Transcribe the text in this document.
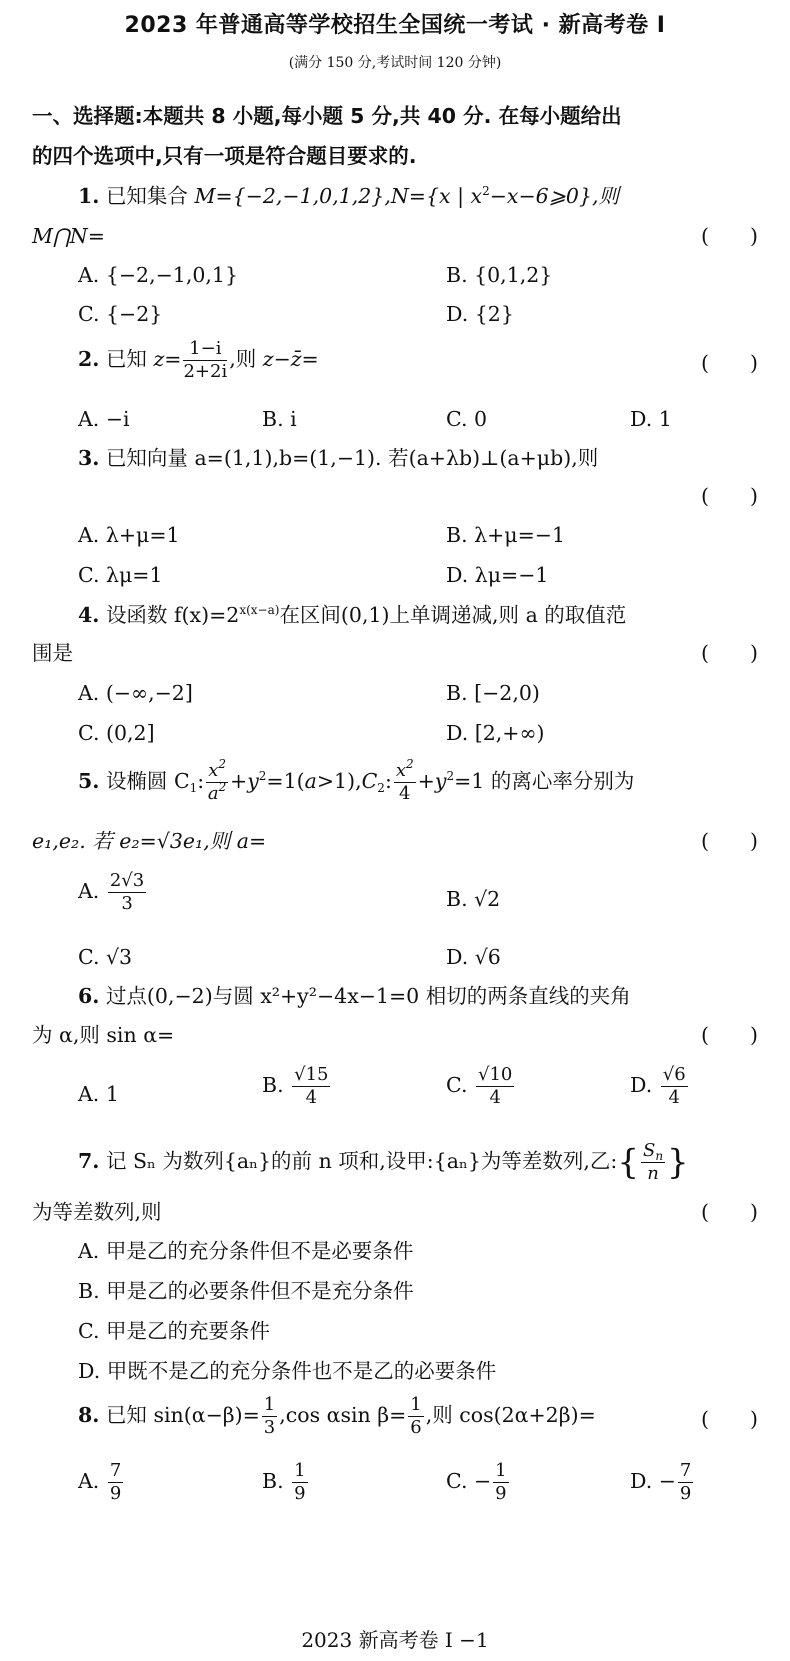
2023 年普通高等学校招生全国统一考试 · 新高考卷 Ⅰ
(满分 150 分,考试时间 120 分钟)
一、选择题:本题共 8 小题,每小题 5 分,共 40 分. 在每小题给出
的四个选项中,只有一项是符合题目要求的.
1. 已知集合 M={−2,−1,0,1,2},N={x | $x^2-x-6⩾0$},则
M⋂N=	(　　)
A. {−2,−1,0,1}	B. {0,1,2}
C. {−2}	D. {2}
2. 已知 $z= \frac{1-i}{2+2i}$ ,则 z−z̄=	(　　)
A. −i	B. i	C. 0	D. 1
3. 已知向量 a=(1,1),b=(1,−1). 若(a+λb)⊥(a+μb),则
(　　)
A. λ+μ=1	B. λ+μ=−1
C. λμ=1	D. λμ=−1
4. 设函数 $f(x)=2^{x(x-a)}$在区间(0,1)上单调递减,则 a 的取值范
围是	(　　)
A. (−∞,−2]	B. [−2,0)
C. (0,2]	D. [2,+∞)
5. 设椭圆 $C_1$: $\frac{x^2}{a^2} +y^2=1(a>1),C_2$: $\frac{x^2}{4} +y^2=1$ 的离心率分别为
e₁,e₂. 若 e₂=√3e₁,则 a=	(　　)
A. $\frac{2√3}{3}$	B. √2
C. √3	D. √6
6. 过点(0,−2)与圆 x²+y²−4x−1=0 相切的两条直线的夹角
为 α,则 sin α=	(　　)
A. 1	B. $\frac{√15}{4}$	C. $\frac{√10}{4}$	D. $\frac{√6}{4}$
7. 记 Sₙ 为数列{aₙ}的前 n 项和,设甲:{aₙ}为等差数列,乙:{ $\frac{S_n}{n}$ }
为等差数列,则	(　　)
A. 甲是乙的充分条件但不是必要条件
B. 甲是乙的必要条件但不是充分条件
C. 甲是乙的充要条件
D. 甲既不是乙的充分条件也不是乙的必要条件
8. 已知 $\sin(\alpha-\beta)= \frac{1}{3} ,\cos$ αsin $\beta= \frac{1}{6}$ ,则 cos(2α+2β)=	(　　)
A. $\frac{7}{9}$	B. $\frac{1}{9}$	C. − $\frac{1}{9}$	D. − $\frac{7}{9}$
2023 新高考卷 Ⅰ −1
